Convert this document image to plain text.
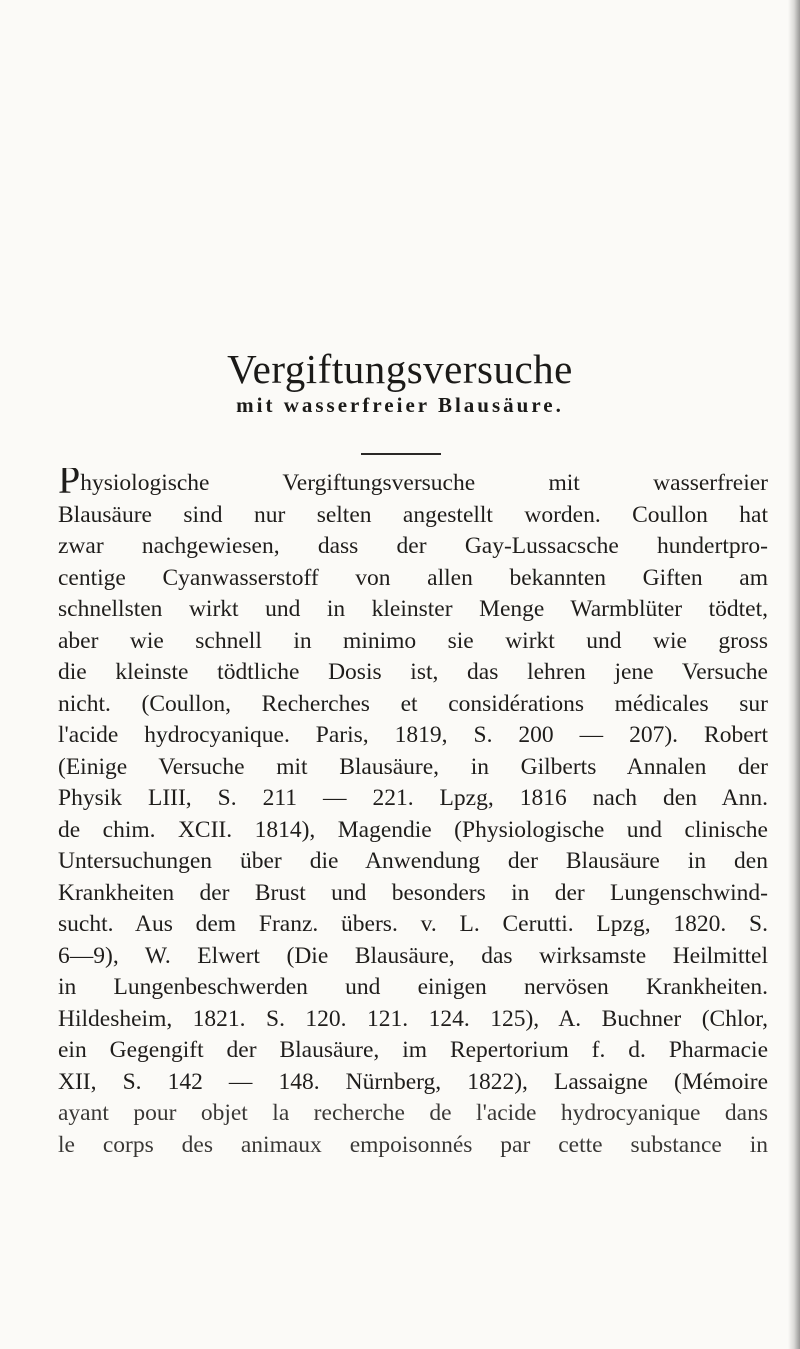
Vergiftungsversuche
mit wasserfreier Blausäure.
Physiologische Vergiftungsversuche mit wasserfreier
Blausäure sind nur selten angestellt worden. Coullon hat
zwar nachgewiesen, dass der Gay-Lussacsche hundertpro-
centige Cyanwasserstoff von allen bekannten Giften am
schnellsten wirkt und in kleinster Menge Warmblüter tödtet,
aber wie schnell in minimo sie wirkt und wie gross
die kleinste tödtliche Dosis ist, das lehren jene Versuche
nicht. (Coullon, Recherches et considérations médicales sur
l'acide hydrocyanique. Paris, 1819, S. 200 — 207). Robert
(Einige Versuche mit Blausäure, in Gilberts Annalen der
Physik LIII, S. 211 — 221. Lpzg, 1816 nach den Ann.
de chim. XCII. 1814), Magendie (Physiologische und clinische
Untersuchungen über die Anwendung der Blausäure in den
Krankheiten der Brust und besonders in der Lungenschwind-
sucht. Aus dem Franz. übers. v. L. Cerutti. Lpzg, 1820. S.
6—9), W. Elwert (Die Blausäure, das wirksamste Heilmittel
in Lungenbeschwerden und einigen nervösen Krankheiten.
Hildesheim, 1821. S. 120. 121. 124. 125), A. Buchner (Chlor,
ein Gegengift der Blausäure, im Repertorium f. d. Pharmacie
XII, S. 142 — 148. Nürnberg, 1822), Lassaigne (Mémoire
ayant pour objet la recherche de l'acide hydrocyanique dans
le corps des animaux empoisonnés par cette substance in
